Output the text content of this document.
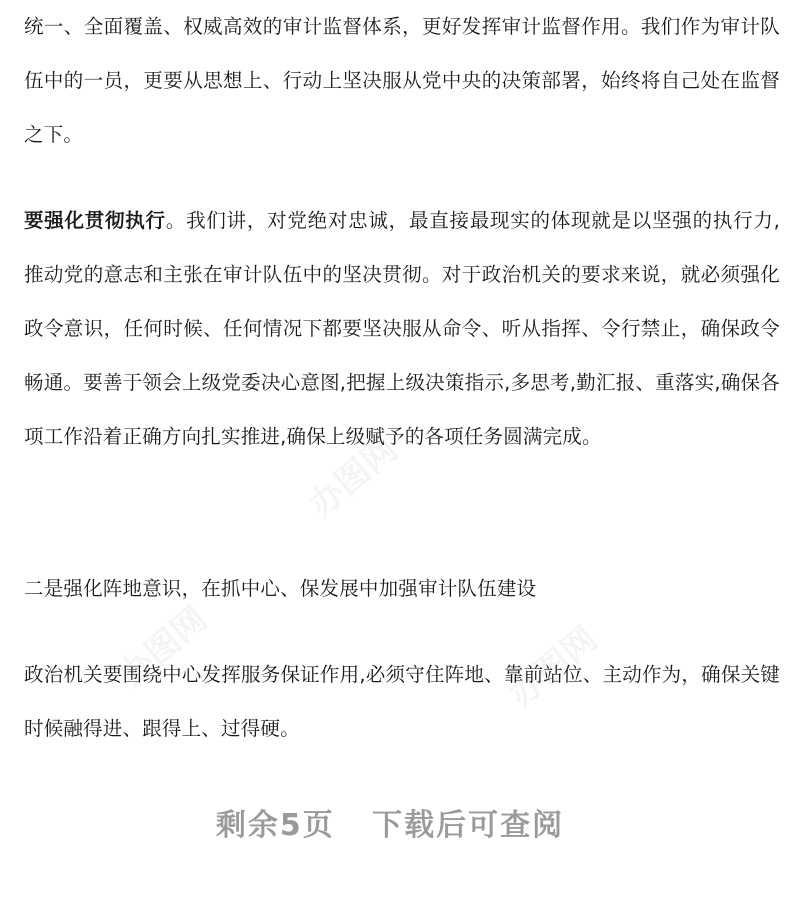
统一、全面覆盖、权威高效的审计监督体系，更好发挥审计监督作用。我们作为审计队伍中的一员，更要从思想上、行动上坚决服从党中央的决策部署，始终将自己处在监督之下。

要强化贯彻执行。我们讲，对党绝对忠诚，最直接最现实的体现就是以坚强的执行力, 推动党的意志和主张在审计队伍中的坚决贯彻。对于政治机关的要求来说，就必须强化政令意识，任何时候、任何情况下都要坚决服从命令、听从指挥、令行禁止，确保政令畅通。要善于领会上级党委决心意图,把握上级决策指示,多思考,勤汇报、重落实,确保各项工作沿着正确方向扎实推进,确保上级赋予的各项任务圆满完成。

二是强化阵地意识，在抓中心、保发展中加强审计队伍建设

政治机关要围绕中心发挥服务保证作用,必须守住阵地、靠前站位、主动作为，确保关键时候融得进、跟得上、过得硬。

剩余5页   下载后可查阅
